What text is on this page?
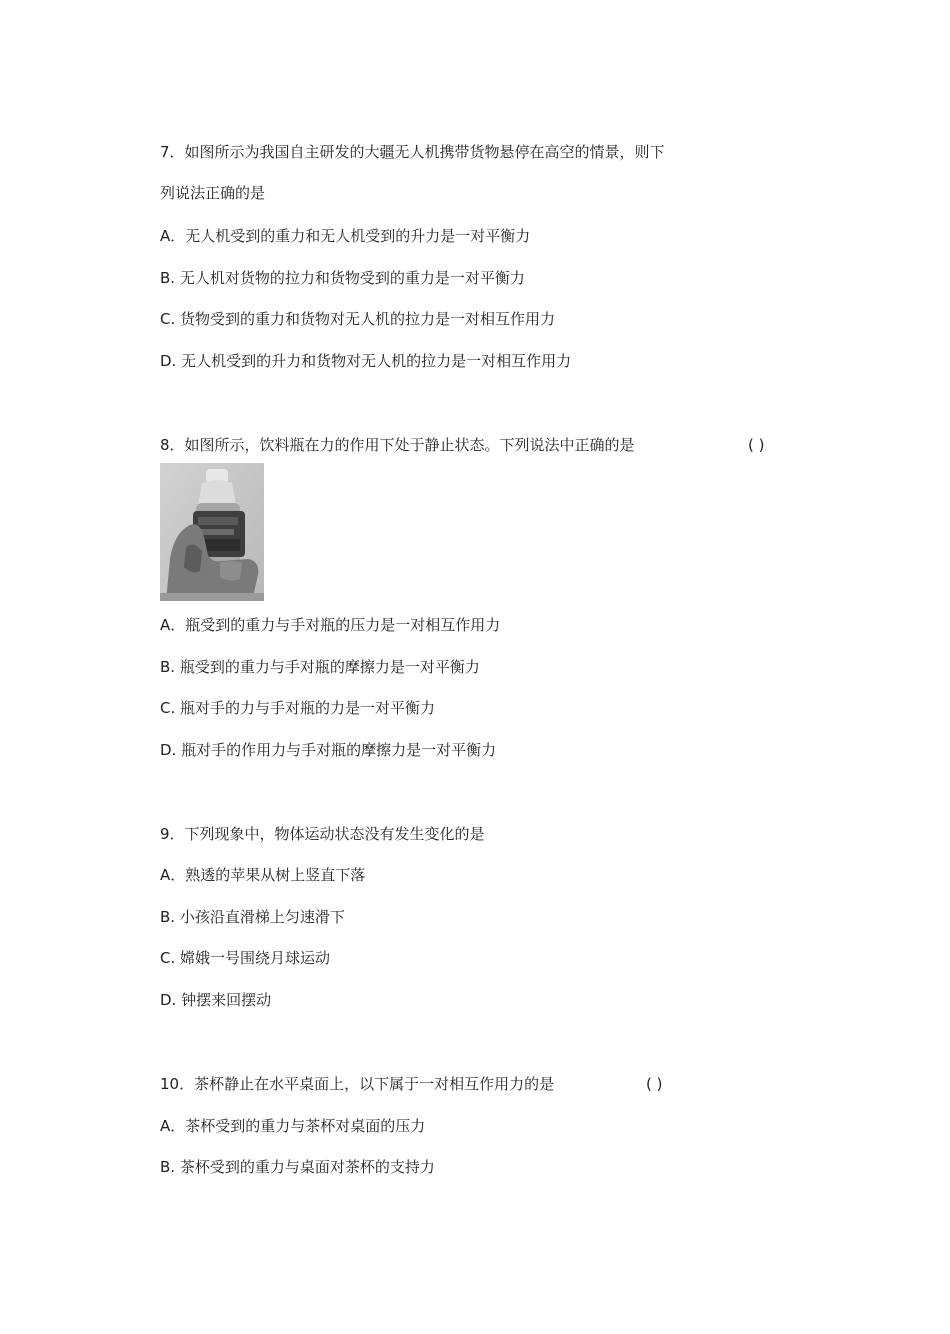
7．如图所示为我国自主研发的大疆无人机携带货物悬停在高空的情景，则下
列说法正确的是
A．无人机受到的重力和无人机受到的升力是一对平衡力
B. 无人机对货物的拉力和货物受到的重力是一对平衡力
C. 货物受到的重力和货物对无人机的拉力是一对相互作用力
D. 无人机受到的升力和货物对无人机的拉力是一对相互作用力
8．如图所示，饮料瓶在力的作用下处于静止状态。下列说法中正确的是	( )
A．瓶受到的重力与手对瓶的压力是一对相互作用力
B. 瓶受到的重力与手对瓶的摩擦力是一对平衡力
C. 瓶对手的力与手对瓶的力是一对平衡力
D. 瓶对手的作用力与手对瓶的摩擦力是一对平衡力
9．下列现象中，物体运动状态没有发生变化的是
A．熟透的苹果从树上竖直下落
B. 小孩沿直滑梯上匀速滑下
C. 嫦娥一号围绕月球运动
D. 钟摆来回摆动
10．茶杯静止在水平桌面上，以下属于一对相互作用力的是	( )
A．茶杯受到的重力与茶杯对桌面的压力
B. 茶杯受到的重力与桌面对茶杯的支持力
